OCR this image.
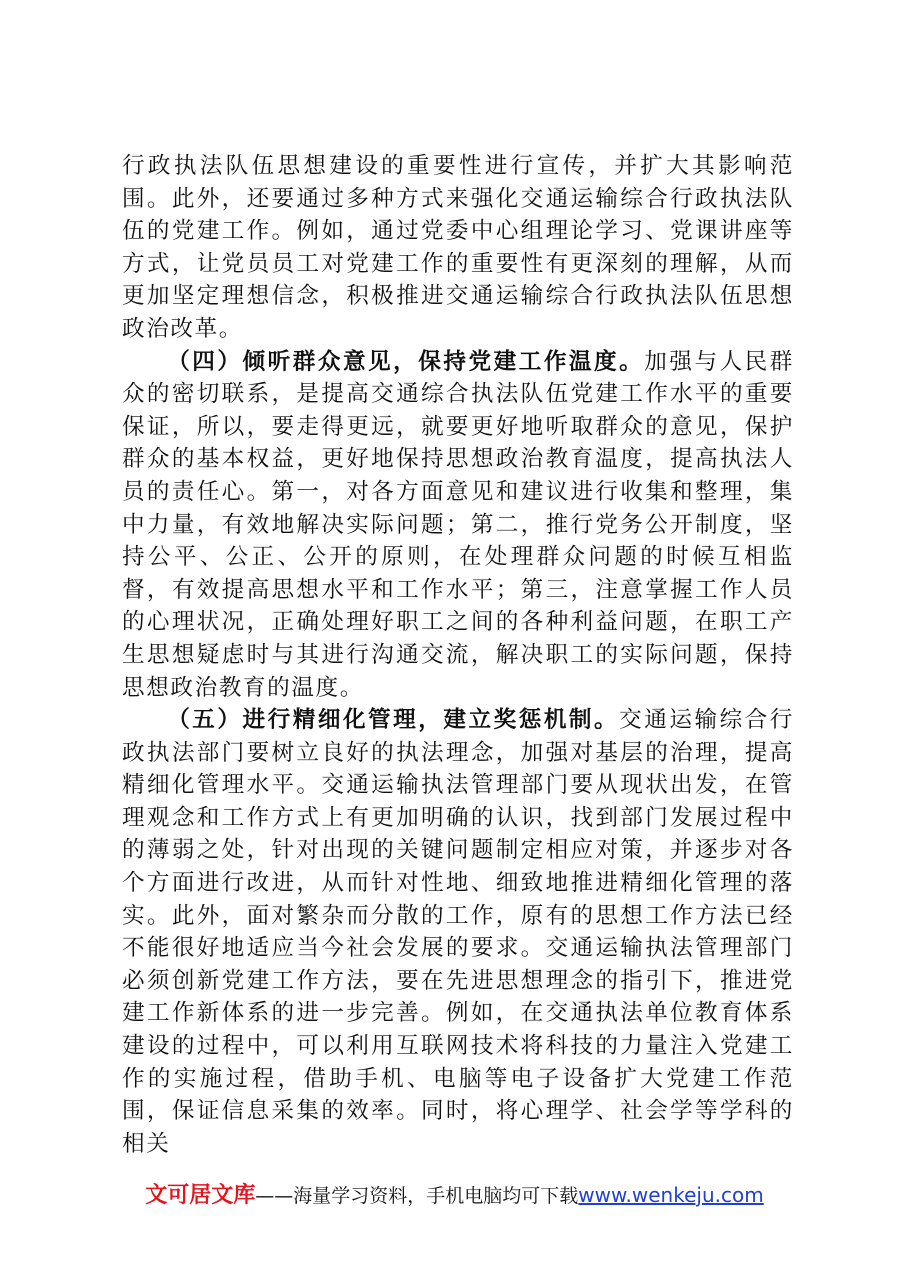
行政执法队伍思想建设的重要性进行宣传，并扩大其影响范围。此外，还要通过多种方式来强化交通运输综合行政执法队伍的党建工作。例如，通过党委中心组理论学习、党课讲座等方式，让党员员工对党建工作的重要性有更深刻的理解，从而更加坚定理想信念，积极推进交通运输综合行政执法队伍思想政治改革。

（四）倾听群众意见，保持党建工作温度。加强与人民群众的密切联系，是提高交通综合执法队伍党建工作水平的重要保证，所以，要走得更远，就要更好地听取群众的意见，保护群众的基本权益，更好地保持思想政治教育温度，提高执法人员的责任心。第一，对各方面意见和建议进行收集和整理，集中力量，有效地解决实际问题；第二，推行党务公开制度，坚持公平、公正、公开的原则，在处理群众问题的时候互相监督，有效提高思想水平和工作水平；第三，注意掌握工作人员的心理状况，正确处理好职工之间的各种利益问题，在职工产生思想疑虑时与其进行沟通交流，解决职工的实际问题，保持思想政治教育的温度。

（五）进行精细化管理，建立奖惩机制。交通运输综合行政执法部门要树立良好的执法理念，加强对基层的治理，提高精细化管理水平。交通运输执法管理部门要从现状出发，在管理观念和工作方式上有更加明确的认识，找到部门发展过程中的薄弱之处，针对出现的关键问题制定相应对策，并逐步对各个方面进行改进，从而针对性地、细致地推进精细化管理的落实。此外，面对繁杂而分散的工作，原有的思想工作方法已经不能很好地适应当今社会发展的要求。交通运输执法管理部门必须创新党建工作方法，要在先进思想理念的指引下，推进党建工作新体系的进一步完善。例如，在交通执法单位教育体系建设的过程中，可以利用互联网技术将科技的力量注入党建工作的实施过程，借助手机、电脑等电子设备扩大党建工作范围，保证信息采集的效率。同时，将心理学、社会学等学科的相关

文可居文库——海量学习资料，手机电脑均可下载www.wenkeju.com
